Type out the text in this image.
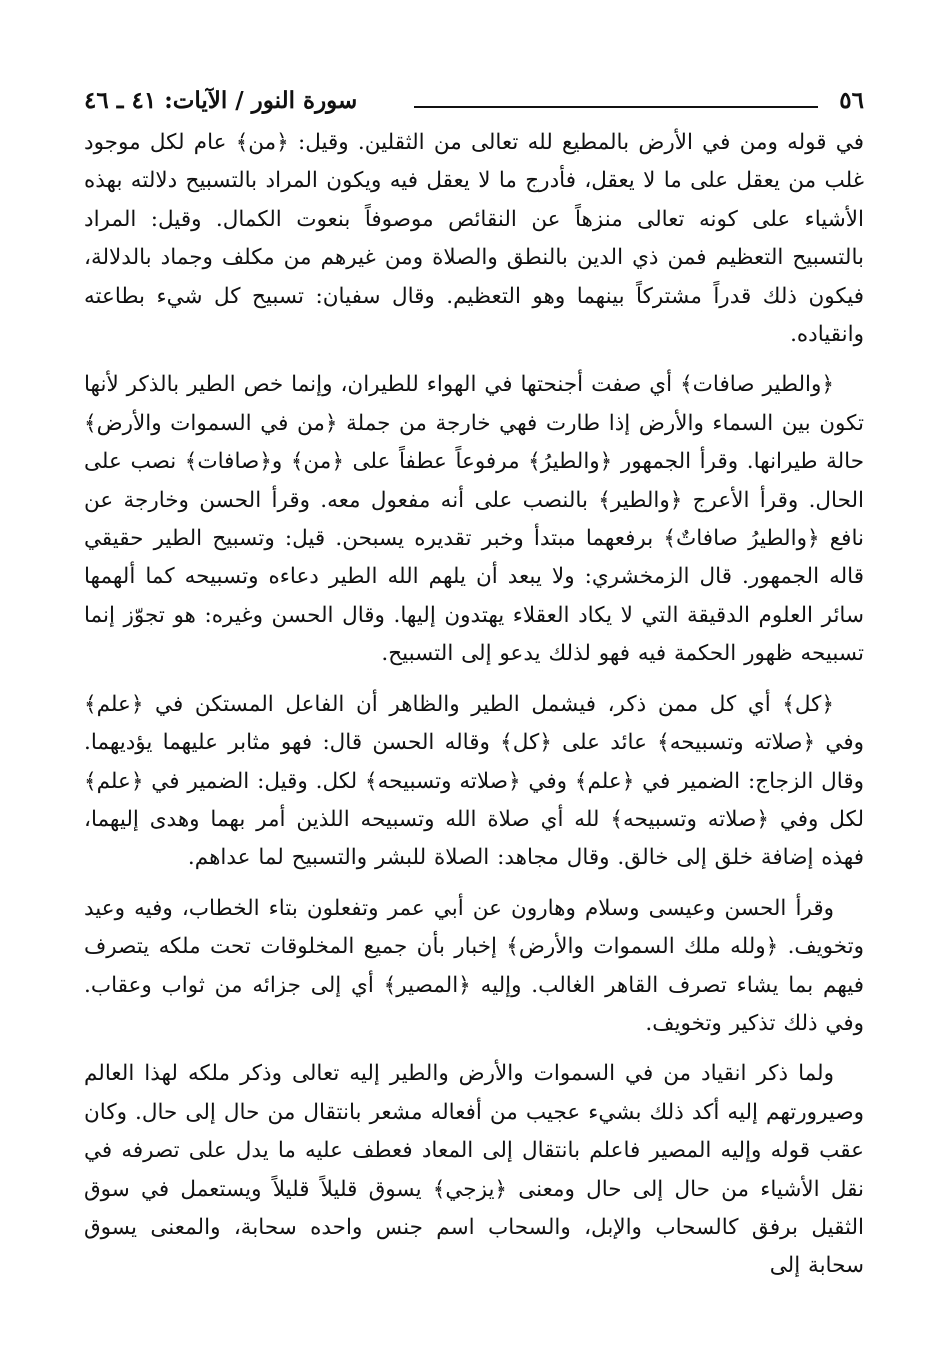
٥٦
سورة النور / الآيات: ٤١ ـ ٤٦

في قوله ومن في الأرض بالمطيع لله تعالى من الثقلين. وقيل: ﴿من﴾ عام لكل موجود غلب من يعقل على ما لا يعقل، فأدرج ما لا يعقل فيه ويكون المراد بالتسبيح دلالته بهذه الأشياء على كونه تعالى منزهاً عن النقائص موصوفاً بنعوت الكمال. وقيل: المراد بالتسبيح التعظيم فمن ذي الدين بالنطق والصلاة ومن غيرهم من مكلف وجماد بالدلالة، فيكون ذلك قدراً مشتركاً بينهما وهو التعظيم. وقال سفيان: تسبيح كل شيء بطاعته وانقياده.

﴿والطير صافات﴾ أي صفت أجنحتها في الهواء للطيران، وإنما خص الطير بالذكر لأنها تكون بين السماء والأرض إذا طارت فهي خارجة من جملة ﴿من في السموات والأرض﴾ حالة طيرانها. وقرأ الجمهور ﴿والطيرُ﴾ مرفوعاً عطفاً على ﴿من﴾ و﴿صافات﴾ نصب على الحال. وقرأ الأعرج ﴿والطير﴾ بالنصب على أنه مفعول معه. وقرأ الحسن وخارجة عن نافع ﴿والطيرُ صافاتٌ﴾ برفعهما مبتدأ وخبر تقديره يسبحن. قيل: وتسبيح الطير حقيقي قاله الجمهور. قال الزمخشري: ولا يبعد أن يلهم الله الطير دعاءه وتسبيحه كما ألهمها سائر العلوم الدقيقة التي لا يكاد العقلاء يهتدون إليها. وقال الحسن وغيره: هو تجوّز إنما تسبيحه ظهور الحكمة فيه فهو لذلك يدعو إلى التسبيح.

﴿كل﴾ أي كل ممن ذكر، فيشمل الطير والظاهر أن الفاعل المستكن في ﴿علم﴾ وفي ﴿صلاته وتسبيحه﴾ عائد على ﴿كل﴾ وقاله الحسن قال: فهو مثابر عليهما يؤديهما. وقال الزجاج: الضمير في ﴿علم﴾ وفي ﴿صلاته وتسبيحه﴾ لكل. وقيل: الضمير في ﴿علم﴾ لكل وفي ﴿صلاته وتسبيحه﴾ لله أي صلاة الله وتسبيحه اللذين أمر بهما وهدى إليهما، فهذه إضافة خلق إلى خالق. وقال مجاهد: الصلاة للبشر والتسبيح لما عداهم.

وقرأ الحسن وعيسى وسلام وهارون عن أبي عمر وتفعلون بتاء الخطاب، وفيه وعيد وتخويف. ﴿ولله ملك السموات والأرض﴾ إخبار بأن جميع المخلوقات تحت ملكه يتصرف فيهم بما يشاء تصرف القاهر الغالب. وإليه ﴿المصير﴾ أي إلى جزائه من ثواب وعقاب. وفي ذلك تذكير وتخويف.

ولما ذكر انقياد من في السموات والأرض والطير إليه تعالى وذكر ملكه لهذا العالم وصيرورتهم إليه أكد ذلك بشيء عجيب من أفعاله مشعر بانتقال من حال إلى حال. وكان عقب قوله وإليه المصير فاعلم بانتقال إلى المعاد فعطف عليه ما يدل على تصرفه في نقل الأشياء من حال إلى حال ومعنى ﴿يزجي﴾ يسوق قليلاً قليلاً ويستعمل في سوق الثقيل برفق كالسحاب والإبل، والسحاب اسم جنس واحده سحابة، والمعنى يسوق سحابة إلى
